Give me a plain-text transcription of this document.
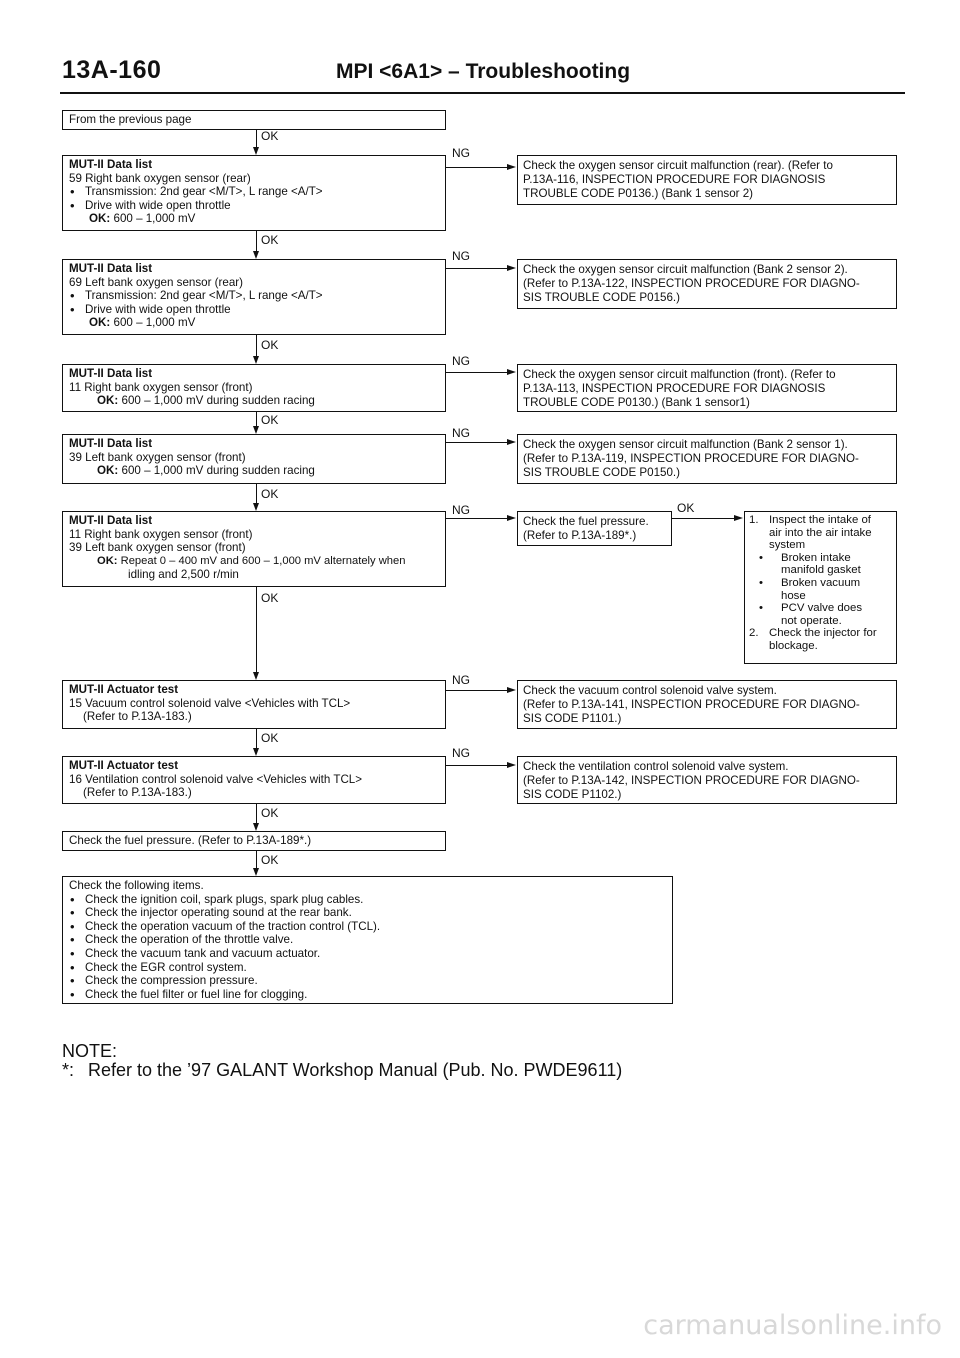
13A-160	MPI <6A1> – Troubleshooting
From the previous page
MUT-II Data list
59 Right bank oxygen sensor (rear)
• Transmission: 2nd gear <M/T>, L range <A/T>
• Drive with wide open throttle
OK: 600 – 1,000 mV
MUT-II Data list
69 Left bank oxygen sensor (rear)
• Transmission: 2nd gear <M/T>, L range <A/T>
• Drive with wide open throttle
OK: 600 – 1,000 mV
MUT-II Data list
11 Right bank oxygen sensor (front)
OK: 600 – 1,000 mV during sudden racing
MUT-II Data list
39 Left bank oxygen sensor (front)
OK: 600 – 1,000 mV during sudden racing
MUT-II Data list
11 Right bank oxygen sensor (front)
39 Left bank oxygen sensor (front)
OK: Repeat 0 – 400 mV and 600 – 1,000 mV alternately when
idling and 2,500 r/min
MUT-II Actuator test
15 Vacuum control solenoid valve <Vehicles with TCL>
(Refer to P.13A-183.)
MUT-II Actuator test
16 Ventilation control solenoid valve <Vehicles with TCL>
(Refer to P.13A-183.)
Check the fuel pressure. (Refer to P.13A-189*.)
Check the following items.
• Check the ignition coil, spark plugs, spark plug cables.
• Check the injector operating sound at the rear bank.
• Check the operation vacuum of the traction control (TCL).
• Check the operation of the throttle valve.
• Check the vacuum tank and vacuum actuator.
• Check the EGR control system.
• Check the compression pressure.
• Check the fuel filter or fuel line for clogging.
Check the oxygen sensor circuit malfunction (rear). (Refer to
P.13A-116, INSPECTION PROCEDURE FOR DIAGNOSIS
TROUBLE CODE P0136.) (Bank 1 sensor 2)
Check the oxygen sensor circuit malfunction (Bank 2 sensor 2).
(Refer to P.13A-122, INSPECTION PROCEDURE FOR DIAGNO-
SIS TROUBLE CODE P0156.)
Check the oxygen sensor circuit malfunction (front). (Refer to
P.13A-113, INSPECTION PROCEDURE FOR DIAGNOSIS
TROUBLE CODE P0130.) (Bank 1 sensor1)
Check the oxygen sensor circuit malfunction (Bank 2 sensor 1).
(Refer to P.13A-119, INSPECTION PROCEDURE FOR DIAGNO-
SIS TROUBLE CODE P0150.)
Check the fuel pressure.
(Refer to P.13A-189*.)
1. Inspect the intake of
air into the air intake
system
• Broken intake
manifold gasket
• Broken vacuum
hose
• PCV valve does
not operate.
2. Check the injector for
blockage.
Check the vacuum control solenoid valve system.
(Refer to P.13A-141, INSPECTION PROCEDURE FOR DIAGNO-
SIS CODE P1101.)
Check the ventilation control solenoid valve system.
(Refer to P.13A-142, INSPECTION PROCEDURE FOR DIAGNO-
SIS CODE P1102.)
OK
OK
OK
OK
OK
OK
OK
OK
OK
NG
NG
NG
NG
NG	OK
NG
NG
NOTE:
*: Refer to the ’97 GALANT Workshop Manual (Pub. No. PWDE9611)
carmanualsonline.info
